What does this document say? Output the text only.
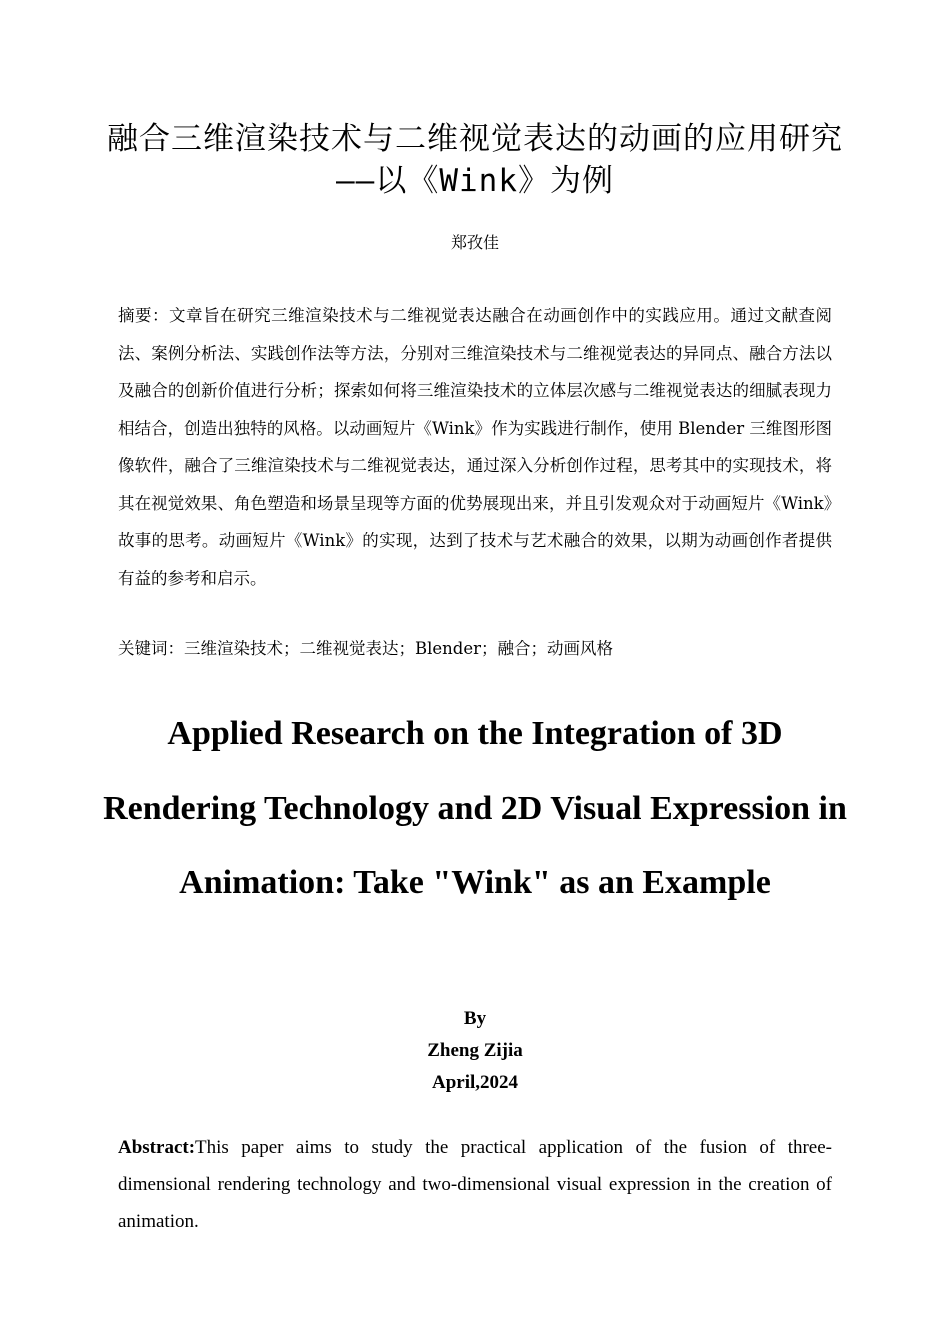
融合三维渲染技术与二维视觉表达的动画的应用研究——以《Wink》为例
郑孜佳
摘要：文章旨在研究三维渲染技术与二维视觉表达融合在动画创作中的实践应用。通过文献查阅法、案例分析法、实践创作法等方法，分别对三维渲染技术与二维视觉表达的异同点、融合方法以及融合的创新价值进行分析；探索如何将三维渲染技术的立体层次感与二维视觉表达的细腻表现力相结合，创造出独特的风格。以动画短片《Wink》作为实践进行制作，使用 Blender 三维图形图像软件，融合了三维渲染技术与二维视觉表达，通过深入分析创作过程，思考其中的实现技术，将其在视觉效果、角色塑造和场景呈现等方面的优势展现出来，并且引发观众对于动画短片《Wink》故事的思考。动画短片《Wink》的实现，达到了技术与艺术融合的效果，以期为动画创作者提供有益的参考和启示。
关键词：三维渲染技术；二维视觉表达；Blender；融合；动画风格
Applied Research on the Integration of 3D Rendering Technology and 2D Visual Expression in Animation: Take "Wink" as an Example
By
Zheng Zijia
April,2024
Abstract:This paper aims to study the practical application of the fusion of three-dimensional rendering technology and two-dimensional visual expression in the creation of animation.
